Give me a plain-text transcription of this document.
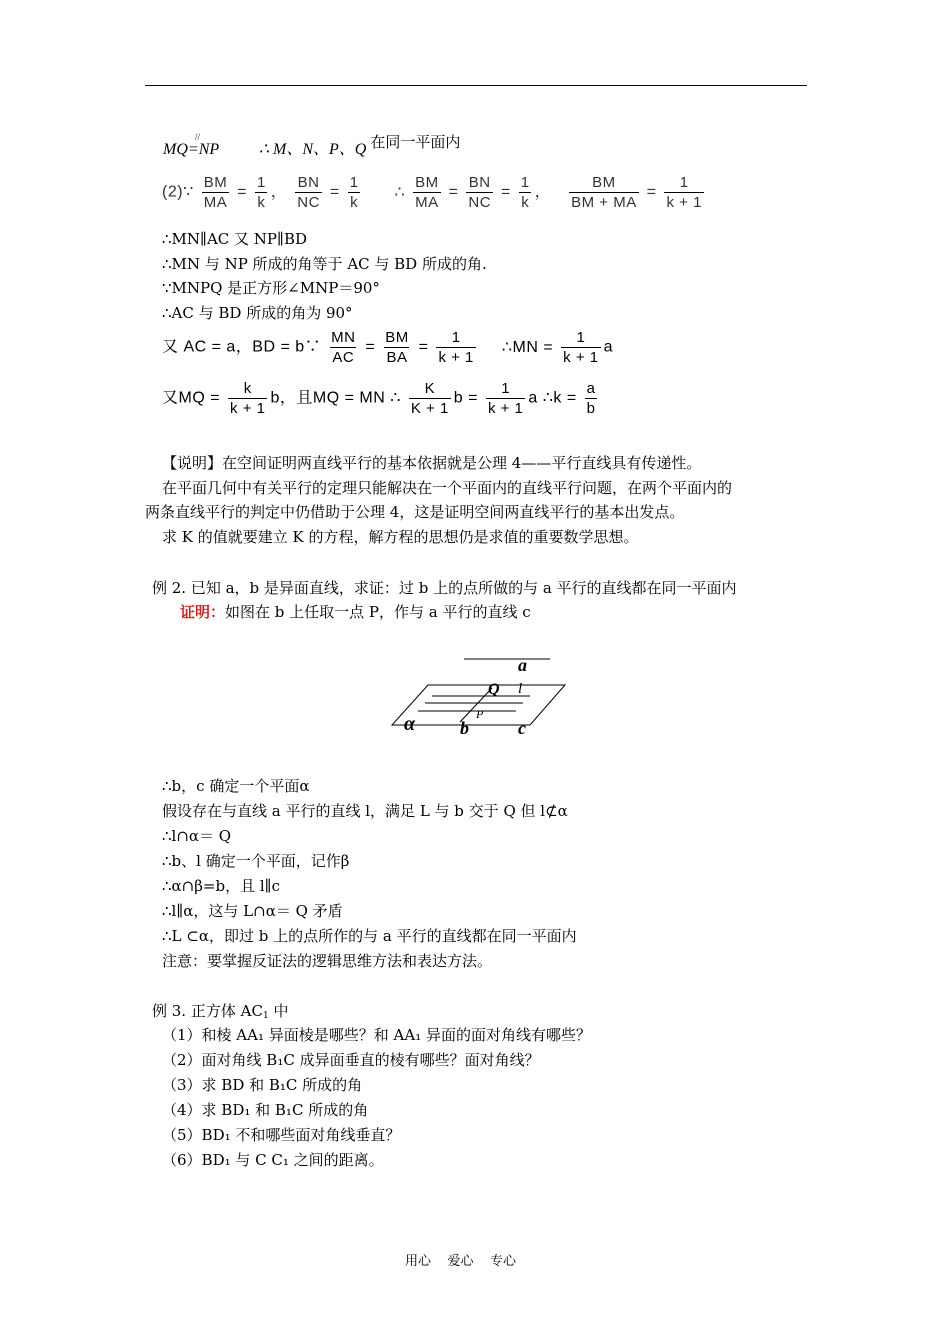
MQ
//
=NP	∴ M、N、P、Q 在同一平面内
(2)∵ $\frac{BM}{MA} = \frac{1}{k}$ ， $\frac{BN}{NC} = \frac{1}{k}$ ∴ $\frac{BM}{MA} = \frac{BN}{NC} = \frac{1}{k}$ ， $\frac{BM}{BM + MA} = \frac{1}{k + 1}$
∴MN∥AC 又 NP∥BD
∴MN 与 NP 所成的角等于 AC 与 BD 所成的角.
∵MNPQ 是正方形∠MNP＝90°
∴AC 与 BD 所成的角为 90°
又 AC = a，BD = b∵ $\frac{MN}{AC} = \frac{BM}{BA} = \frac{1}{k + 1}$ ∴MN = $\frac{1}{k + 1}$ a
又MQ = $\frac{k}{k + 1}$ b，且MQ = MN ∴ $\frac{K}{K + 1}$ $b = \frac{1}{k + 1}$ a ∴k = $\frac{a}{b}$
【说明】在空间证明两直线平行的基本依据就是公理 4——平行直线具有传递性。
在平面几何中有关平行的定理只能解决在一个平面内的直线平行问题，在两个平面内的
两条直线平行的判定中仍借助于公理 4，这是证明空间两直线平行的基本出发点。
求 K 的值就要建立 K 的方程，解方程的思想仍是求值的重要数学思想。
例 2. 已知 a，b 是异面直线，求证：过 b 上的点所做的与 a 平行的直线都在同一平面内
证明：如图在 b 上任取一点 P，作与 a 平行的直线 c
a
Q l
P
α b	c
∴b，c 确定一个平面α
假设存在与直线 a 平行的直线 l，满足 L 与 b 交于 Q 但 l⊄α
∴l∩α＝ Q
∴b、l 确定一个平面，记作β
∴α∩β=b，且 l∥c
∴l∥α，这与 L∩α＝ Q 矛盾
∴L ⊂α，即过 b 上的点所作的与 a 平行的直线都在同一平面内
注意：要掌握反证法的逻辑思维方法和表达方法。
例 3. 正方体 $AC_1$ 中
（1）和棱 AA₁ 异面棱是哪些？和 AA₁ 异面的面对角线有哪些？
（2）面对角线 B₁C 成异面垂直的棱有哪些？面对角线？
（3）求 BD 和 B₁C 所成的角
（4）求 BD₁ 和 B₁C 所成的角
（5）BD₁ 不和哪些面对角线垂直？
（6）BD₁ 与 C C₁ 之间的距离。
用心    爱心    专心
